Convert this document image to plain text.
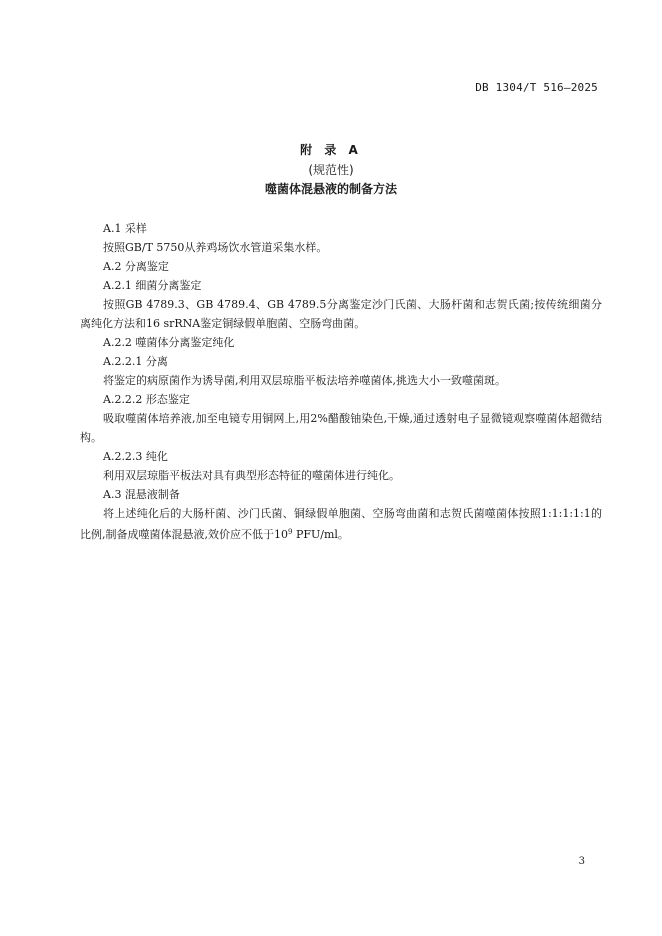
DB 1304/T 516—2025
附 录 A
(规范性)
噬菌体混悬液的制备方法

A.1 采样

按照GB/T 5750从养鸡场饮水管道采集水样。

A.2 分离鉴定

A.2.1 细菌分离鉴定

按照GB 4789.3、GB 4789.4、GB 4789.5分离鉴定沙门氏菌、大肠杆菌和志贺氏菌;按传统细菌分离纯化方法和16 srRNA鉴定铜绿假单胞菌、空肠弯曲菌。

A.2.2 噬菌体分离鉴定纯化

A.2.2.1 分离

将鉴定的病原菌作为诱导菌,利用双层琼脂平板法培养噬菌体,挑选大小一致噬菌斑。

A.2.2.2 形态鉴定

吸取噬菌体培养液,加至电镜专用铜网上,用2%醋酸铀染色,干燥,通过透射电子显微镜观察噬菌体超微结构。

A.2.2.3 纯化

利用双层琼脂平板法对具有典型形态特征的噬菌体进行纯化。

A.3 混悬液制备

将上述纯化后的大肠杆菌、沙门氏菌、铜绿假单胞菌、空肠弯曲菌和志贺氏菌噬菌体按照1:1:1:1:1的比例,制备成噬菌体混悬液,效价应不低于$10^9$ PFU/ml。

3
